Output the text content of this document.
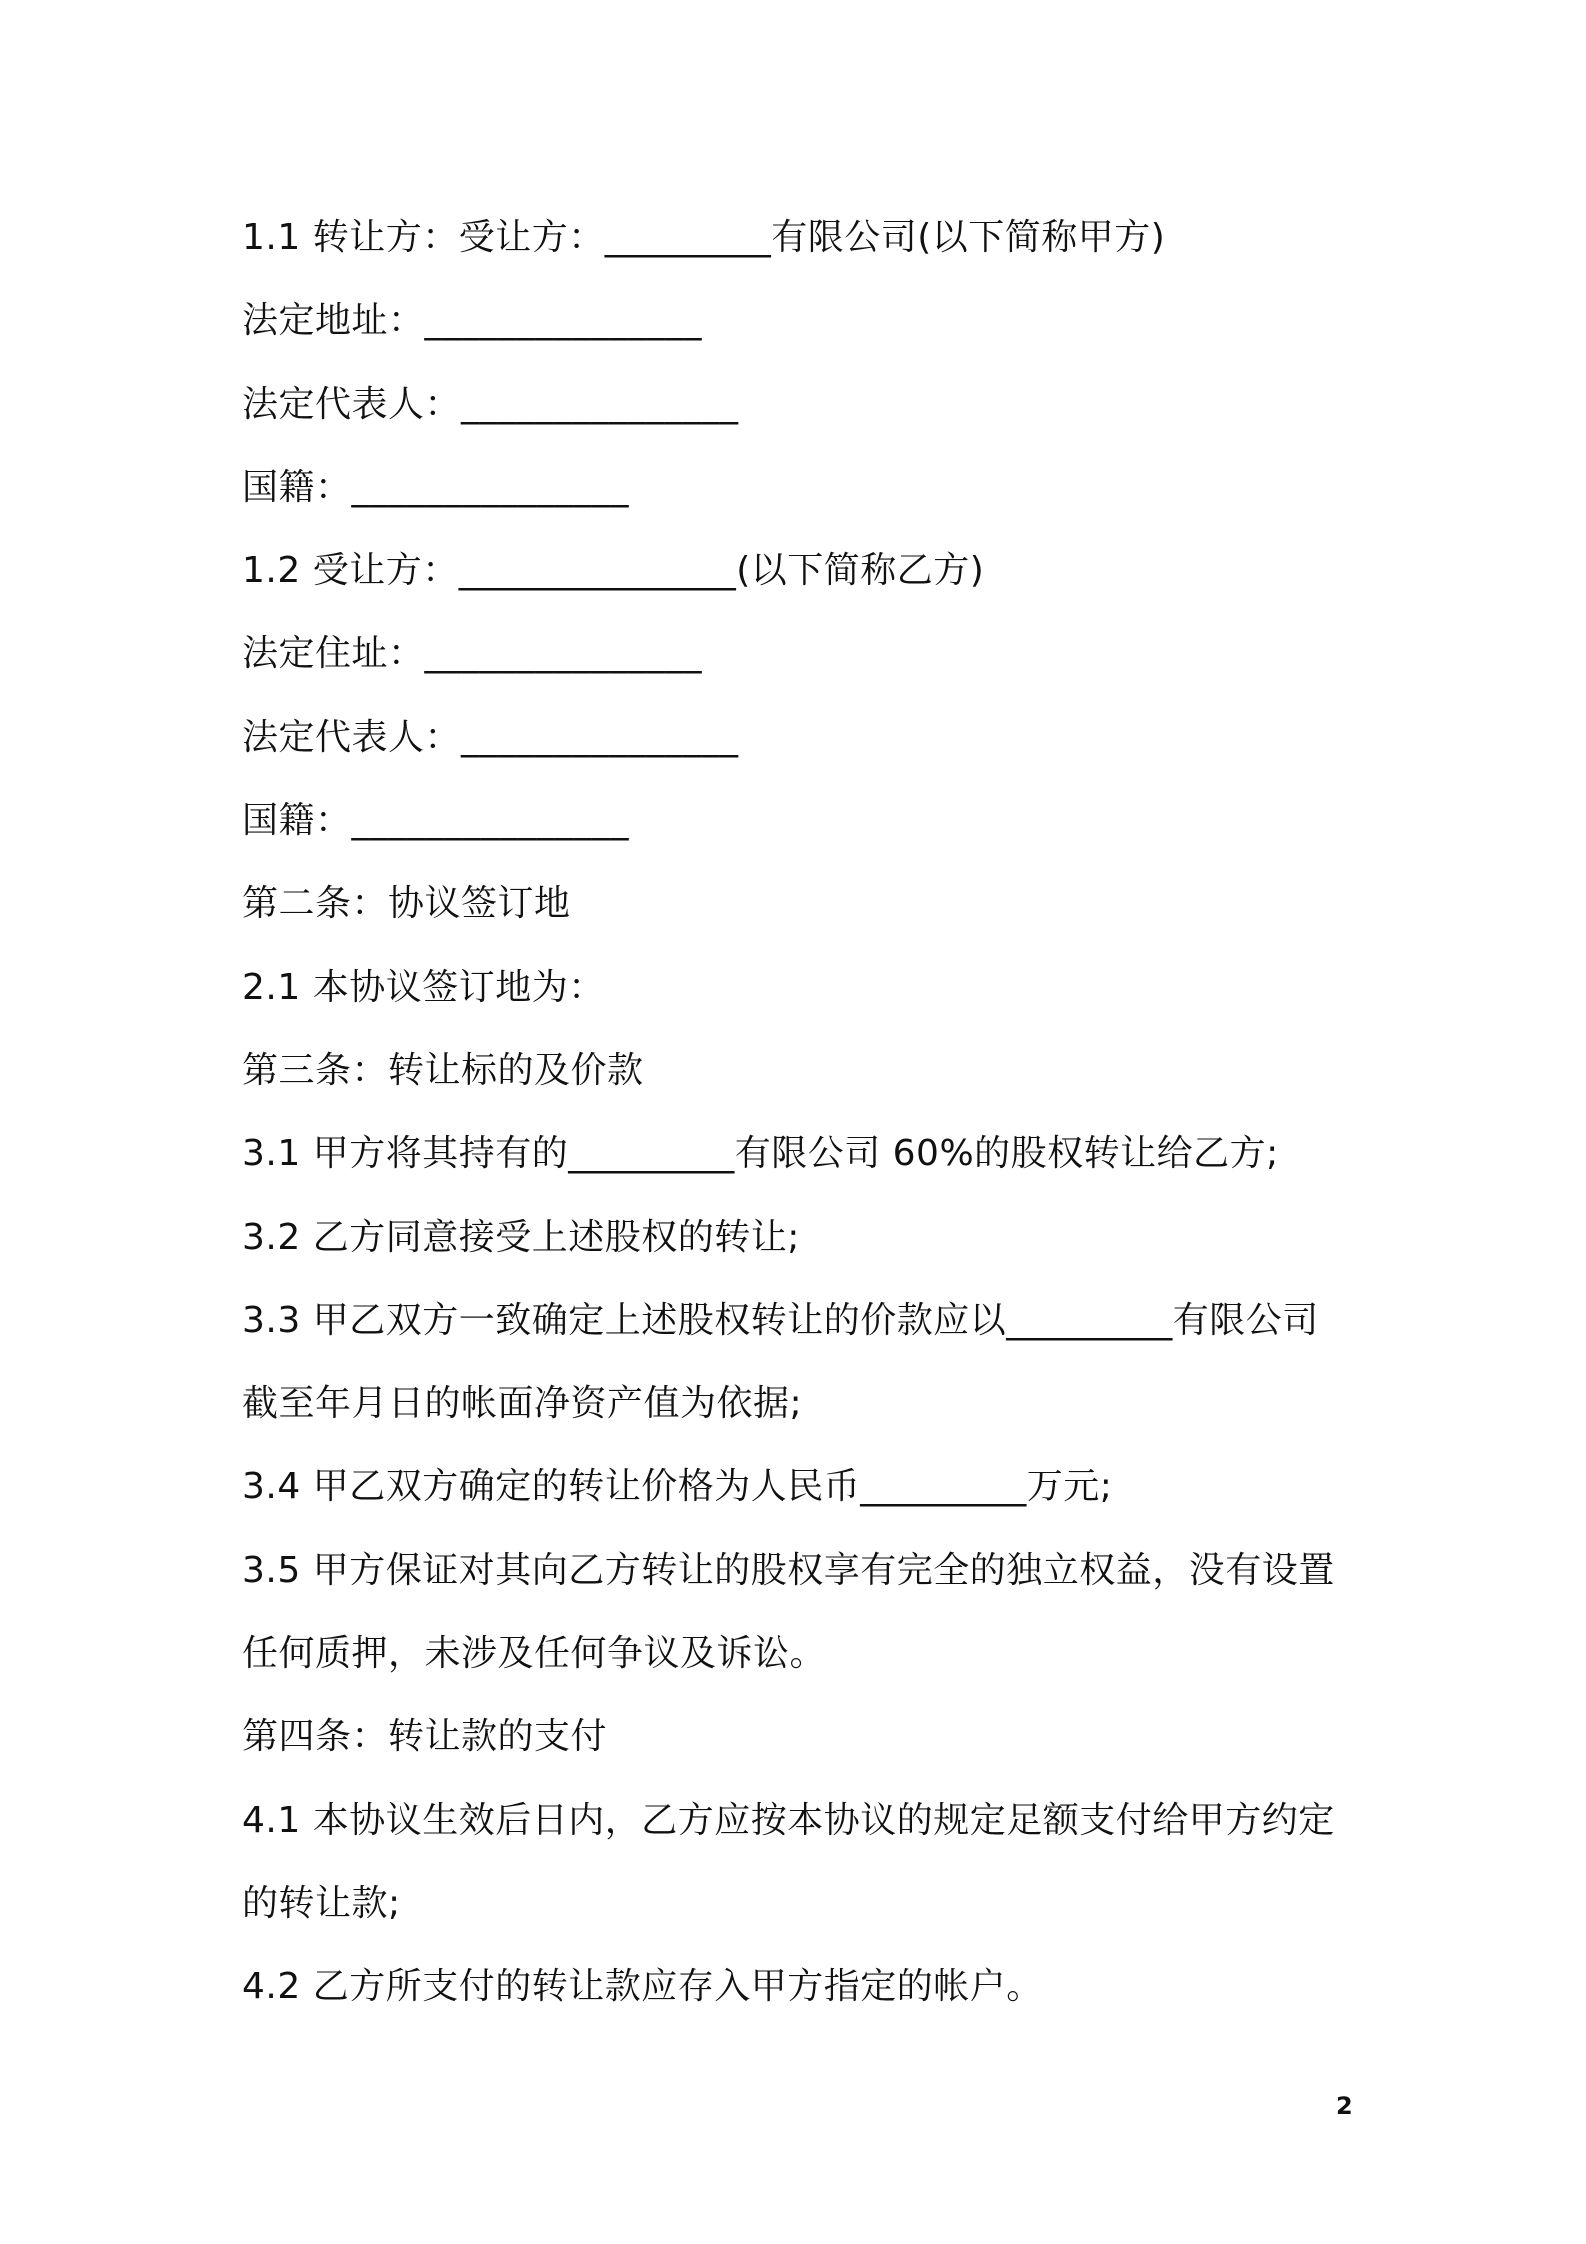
1.1 转让方：受让方：_________有限公司(以下简称甲方)
法定地址：_______________
法定代表人：_______________
国籍：_______________
1.2 受让方：_______________(以下简称乙方)
法定住址：_______________
法定代表人：_______________
国籍：_______________
第二条：协议签订地
2.1 本协议签订地为：
第三条：转让标的及价款
3.1 甲方将其持有的_________有限公司 60%的股权转让给乙方;
3.2 乙方同意接受上述股权的转让;
3.3 甲乙双方一致确定上述股权转让的价款应以_________有限公司
截至年月日的帐面净资产值为依据;
3.4 甲乙双方确定的转让价格为人民币_________万元;
3.5 甲方保证对其向乙方转让的股权享有完全的独立权益，没有设置
任何质押，未涉及任何争议及诉讼。
第四条：转让款的支付
4.1 本协议生效后日内，乙方应按本协议的规定足额支付给甲方约定
的转让款;
4.2 乙方所支付的转让款应存入甲方指定的帐户。
2
